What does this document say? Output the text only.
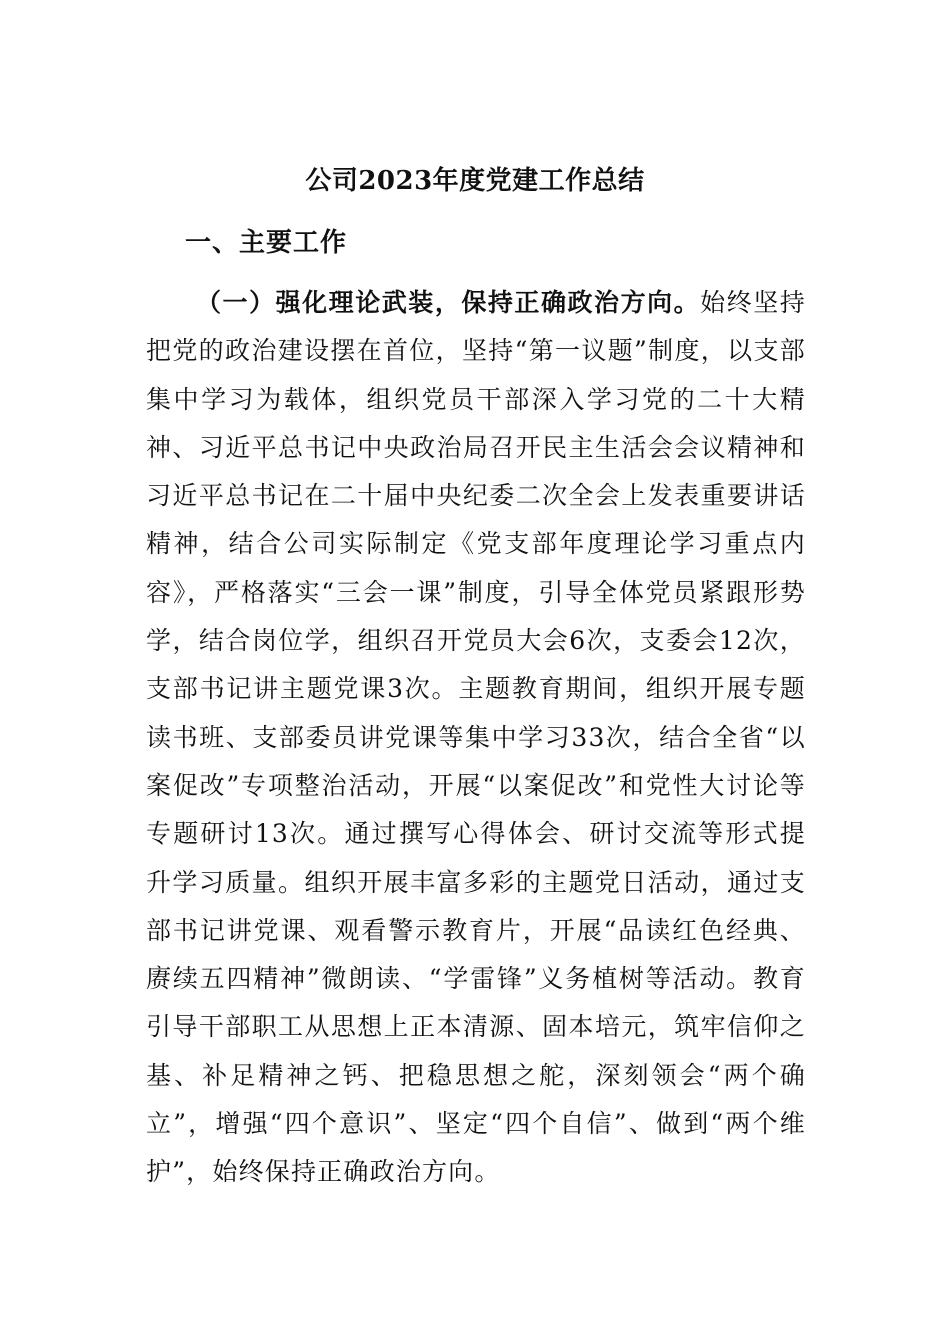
公司2023年度党建工作总结
一、主要工作

（一）强化理论武装，保持正确政治方向。始终坚持把党的政治建设摆在首位，坚持“第一议题”制度，以支部集中学习为载体，组织党员干部深入学习党的二十大精神、习近平总书记中央政治局召开民主生活会会议精神和习近平总书记在二十届中央纪委二次全会上发表重要讲话精神，结合公司实际制定《党支部年度理论学习重点内容》，严格落实“三会一课”制度，引导全体党员紧跟形势学，结合岗位学，组织召开党员大会6次，支委会12次，支部书记讲主题党课3次。主题教育期间，组织开展专题读书班、支部委员讲党课等集中学习33次，结合全省“以案促改”专项整治活动，开展“以案促改”和党性大讨论等专题研讨13次。通过撰写心得体会、研讨交流等形式提升学习质量。组织开展丰富多彩的主题党日活动，通过支部书记讲党课、观看警示教育片，开展“品读红色经典、赓续五四精神”微朗读、“学雷锋”义务植树等活动。教育引导干部职工从思想上正本清源、固本培元，筑牢信仰之基、补足精神之钙、把稳思想之舵，深刻领会“两个确立”，增强“四个意识”、坚定“四个自信”、做到“两个维护”，始终保持正确政治方向。
